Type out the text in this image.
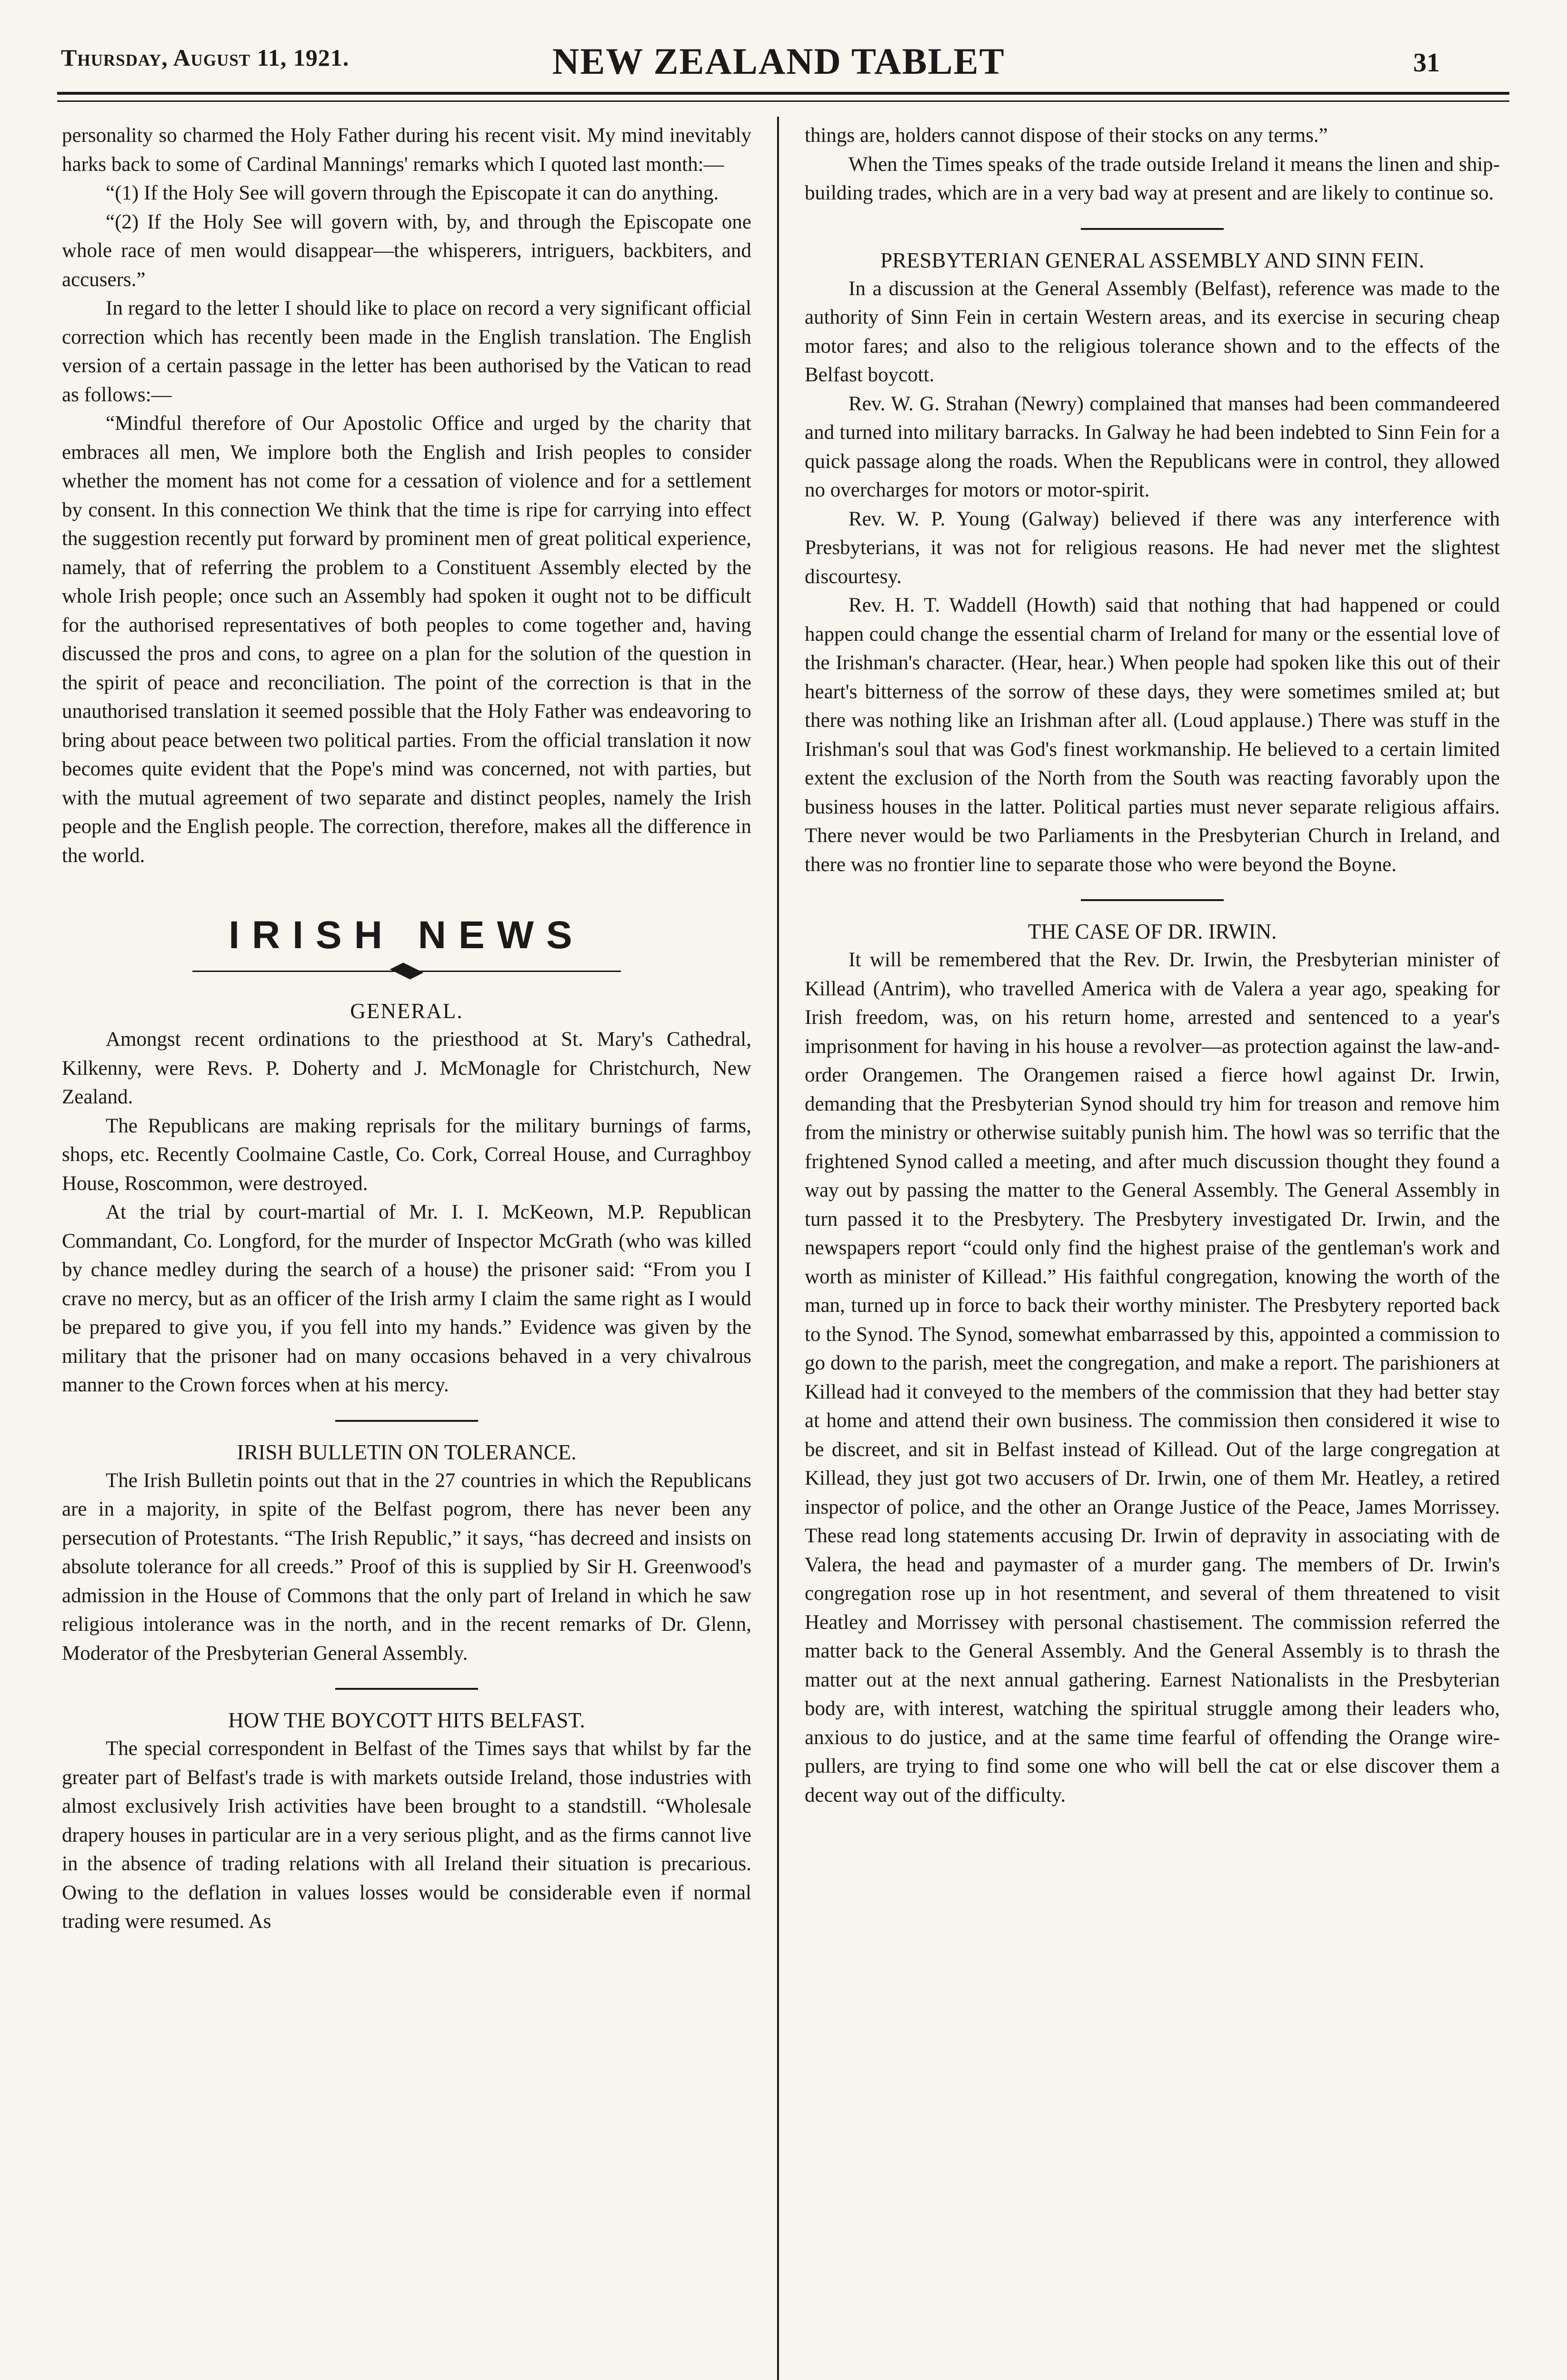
Thursday, August 11, 1921.	NEW ZEALAND TABLET	31

personality so charmed the Holy Father during his recent visit. My mind inevitably harks back to some of Cardinal Mannings' remarks which I quoted last month:—

“(1) If the Holy See will govern through the Episcopate it can do anything.

“(2) If the Holy See will govern with, by, and through the Episcopate one whole race of men would disappear—the whisperers, intriguers, backbiters, and accusers.”

In regard to the letter I should like to place on record a very significant official correction which has recently been made in the English translation. The English version of a certain passage in the letter has been authorised by the Vatican to read as follows:—

“Mindful therefore of Our Apostolic Office and urged by the charity that embraces all men, We implore both the English and Irish peoples to consider whether the moment has not come for a cessation of violence and for a settlement by consent. In this connection We think that the time is ripe for carrying into effect the suggestion recently put forward by prominent men of great political experience, namely, that of referring the problem to a Constituent Assembly elected by the whole Irish people; once such an Assembly had spoken it ought not to be difficult for the authorised representatives of both peoples to come together and, having discussed the pros and cons, to agree on a plan for the solution of the question in the spirit of peace and reconciliation. The point of the correction is that in the unauthorised translation it seemed possible that the Holy Father was endeavoring to bring about peace between two political parties. From the official translation it now becomes quite evident that the Pope's mind was concerned, not with parties, but with the mutual agreement of two separate and distinct peoples, namely the Irish people and the English people. The correction, therefore, makes all the difference in the world.

IRISH NEWS
GENERAL.

Amongst recent ordinations to the priesthood at St. Mary's Cathedral, Kilkenny, were Revs. P. Doherty and J. McMonagle for Christchurch, New Zealand.

The Republicans are making reprisals for the military burnings of farms, shops, etc. Recently Coolmaine Castle, Co. Cork, Correal House, and Curraghboy House, Roscommon, were destroyed.

At the trial by court-martial of Mr. I. I. McKeown, M.P. Republican Commandant, Co. Longford, for the murder of Inspector McGrath (who was killed by chance medley during the search of a house) the prisoner said: “From you I crave no mercy, but as an officer of the Irish army I claim the same right as I would be prepared to give you, if you fell into my hands.” Evidence was given by the military that the prisoner had on many occasions behaved in a very chivalrous manner to the Crown forces when at his mercy.

IRISH BULLETIN ON TOLERANCE.

The Irish Bulletin points out that in the 27 countries in which the Republicans are in a majority, in spite of the Belfast pogrom, there has never been any persecution of Protestants. “The Irish Republic,” it says, “has decreed and insists on absolute tolerance for all creeds.” Proof of this is supplied by Sir H. Greenwood's admission in the House of Commons that the only part of Ireland in which he saw religious intolerance was in the north, and in the recent remarks of Dr. Glenn, Moderator of the Presbyterian General Assembly.

HOW THE BOYCOTT HITS BELFAST.

The special correspondent in Belfast of the Times says that whilst by far the greater part of Belfast's trade is with markets outside Ireland, those industries with almost exclusively Irish activities have been brought to a standstill. “Wholesale drapery houses in particular are in a very serious plight, and as the firms cannot live in the absence of trading relations with all Ireland their situation is precarious. Owing to the deflation in values losses would be considerable even if normal trading were resumed. As

things are, holders cannot dispose of their stocks on any terms.”

When the Times speaks of the trade outside Ireland it means the linen and ship-building trades, which are in a very bad way at present and are likely to continue so.

PRESBYTERIAN GENERAL ASSEMBLY AND SINN FEIN.

In a discussion at the General Assembly (Belfast), reference was made to the authority of Sinn Fein in certain Western areas, and its exercise in securing cheap motor fares; and also to the religious tolerance shown and to the effects of the Belfast boycott.

Rev. W. G. Strahan (Newry) complained that manses had been commandeered and turned into military barracks. In Galway he had been indebted to Sinn Fein for a quick passage along the roads. When the Republicans were in control, they allowed no overcharges for motors or motor-spirit.

Rev. W. P. Young (Galway) believed if there was any interference with Presbyterians, it was not for religious reasons. He had never met the slightest discourtesy.

Rev. H. T. Waddell (Howth) said that nothing that had happened or could happen could change the essential charm of Ireland for many or the essential love of the Irishman's character. (Hear, hear.) When people had spoken like this out of their heart's bitterness of the sorrow of these days, they were sometimes smiled at; but there was nothing like an Irishman after all. (Loud applause.) There was stuff in the Irishman's soul that was God's finest workmanship. He believed to a certain limited extent the exclusion of the North from the South was reacting favorably upon the business houses in the latter. Political parties must never separate religious affairs. There never would be two Parliaments in the Presbyterian Church in Ireland, and there was no frontier line to separate those who were beyond the Boyne.

THE CASE OF DR. IRWIN.

It will be remembered that the Rev. Dr. Irwin, the Presbyterian minister of Killead (Antrim), who travelled America with de Valera a year ago, speaking for Irish freedom, was, on his return home, arrested and sentenced to a year's imprisonment for having in his house a revolver—as protection against the law-and-order Orangemen. The Orangemen raised a fierce howl against Dr. Irwin, demanding that the Presbyterian Synod should try him for treason and remove him from the ministry or otherwise suitably punish him. The howl was so terrific that the frightened Synod called a meeting, and after much discussion thought they found a way out by passing the matter to the General Assembly. The General Assembly in turn passed it to the Presbytery. The Presbytery investigated Dr. Irwin, and the newspapers report “could only find the highest praise of the gentleman's work and worth as minister of Killead.” His faithful congregation, knowing the worth of the man, turned up in force to back their worthy minister. The Presbytery reported back to the Synod. The Synod, somewhat embarrassed by this, appointed a commission to go down to the parish, meet the congregation, and make a report. The parishioners at Killead had it conveyed to the members of the commission that they had better stay at home and attend their own business. The commission then considered it wise to be discreet, and sit in Belfast instead of Killead. Out of the large congregation at Killead, they just got two accusers of Dr. Irwin, one of them Mr. Heatley, a retired inspector of police, and the other an Orange Justice of the Peace, James Morrissey. These read long statements accusing Dr. Irwin of depravity in associating with de Valera, the head and paymaster of a murder gang. The members of Dr. Irwin's congregation rose up in hot resentment, and several of them threatened to visit Heatley and Morrissey with personal chastisement. The commission referred the matter back to the General Assembly. And the General Assembly is to thrash the matter out at the next annual gathering. Earnest Nationalists in the Presbyterian body are, with interest, watching the spiritual struggle among their leaders who, anxious to do justice, and at the same time fearful of offending the Orange wire-pullers, are trying to find some one who will bell the cat or else discover them a decent way out of the difficulty.
